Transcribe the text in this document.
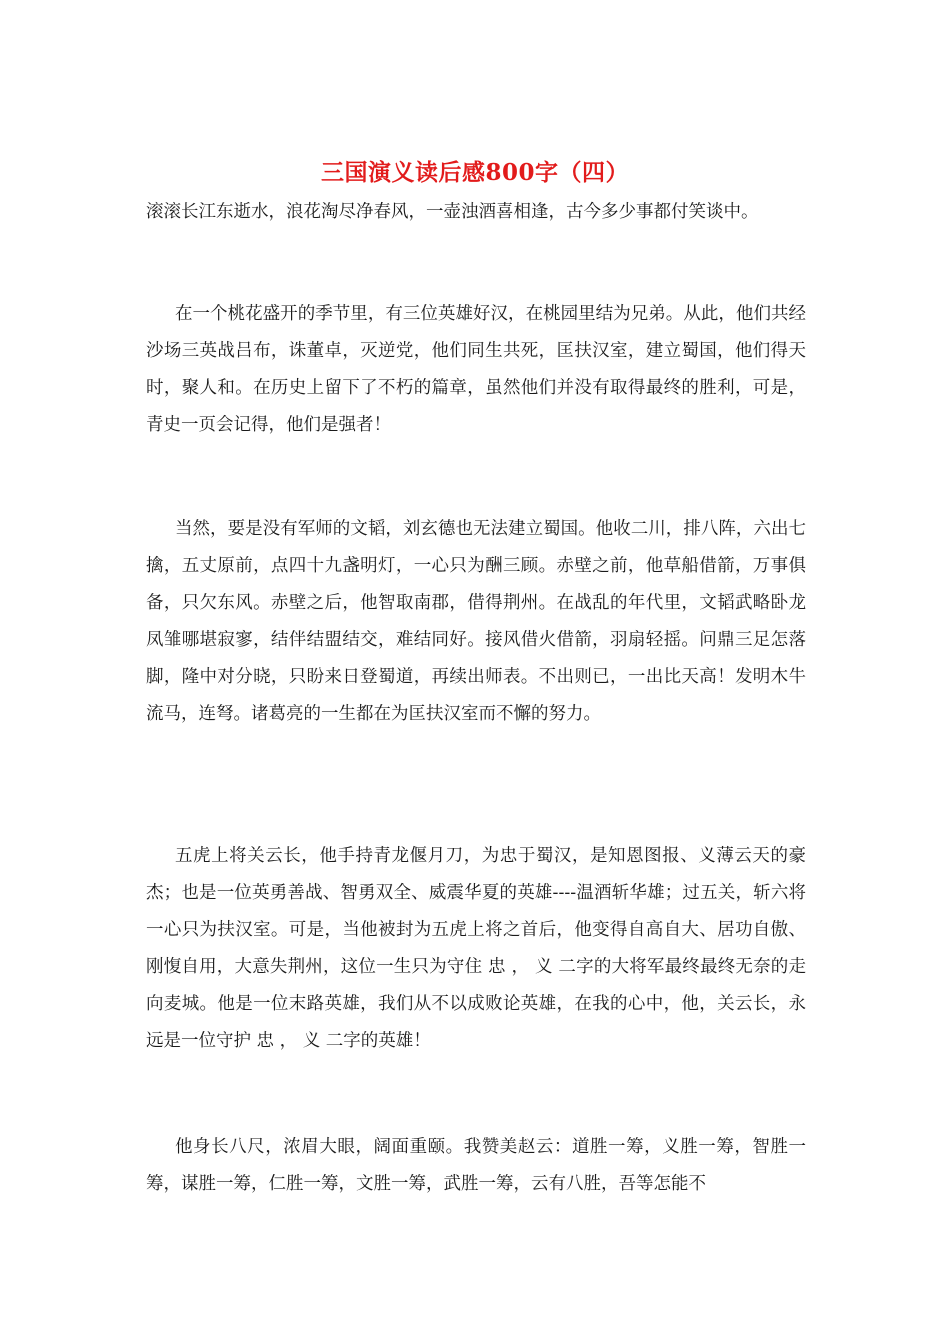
三国演义读后感800字（四）
滚滚长江东逝水，浪花淘尽净春风，一壶浊酒喜相逢，古今多少事都付笑谈中。
在一个桃花盛开的季节里，有三位英雄好汉，在桃园里结为兄弟。从此，他们共经沙场三英战吕布，诛董卓，灭逆党，他们同生共死，匡扶汉室，建立蜀国，他们得天时，聚人和。在历史上留下了不朽的篇章，虽然他们并没有取得最终的胜利，可是，青史一页会记得，他们是强者！
当然，要是没有军师的文韬，刘玄德也无法建立蜀国。他收二川，排八阵，六出七擒，五丈原前，点四十九盏明灯，一心只为酬三顾。赤壁之前，他草船借箭，万事俱备，只欠东风。赤壁之后，他智取南郡，借得荆州。在战乱的年代里，文韬武略卧龙凤雏哪堪寂寥，结伴结盟结交，难结同好。接风借火借箭，羽扇轻摇。问鼎三足怎落脚，隆中对分晓，只盼来日登蜀道，再续出师表。不出则已，一出比天高！发明木牛流马，连弩。诸葛亮的一生都在为匡扶汉室而不懈的努力。
五虎上将关云长，他手持青龙偃月刀，为忠于蜀汉，是知恩图报、义薄云天的豪杰；也是一位英勇善战、智勇双全、威震华夏的英雄----温酒斩华雄；过五关，斩六将一心只为扶汉室。可是，当他被封为五虎上将之首后，他变得自高自大、居功自傲、刚愎自用，大意失荆州，这位一生只为守住 忠 ， 义 二字的大将军最终最终无奈的走向麦城。他是一位末路英雄，我们从不以成败论英雄，在我的心中，他，关云长，永远是一位守护 忠 ， 义 二字的英雄！
他身长八尺，浓眉大眼，阔面重颐。我赞美赵云：道胜一筹，义胜一筹，智胜一筹，谋胜一筹，仁胜一筹，文胜一筹，武胜一筹，云有八胜，吾等怎能不
